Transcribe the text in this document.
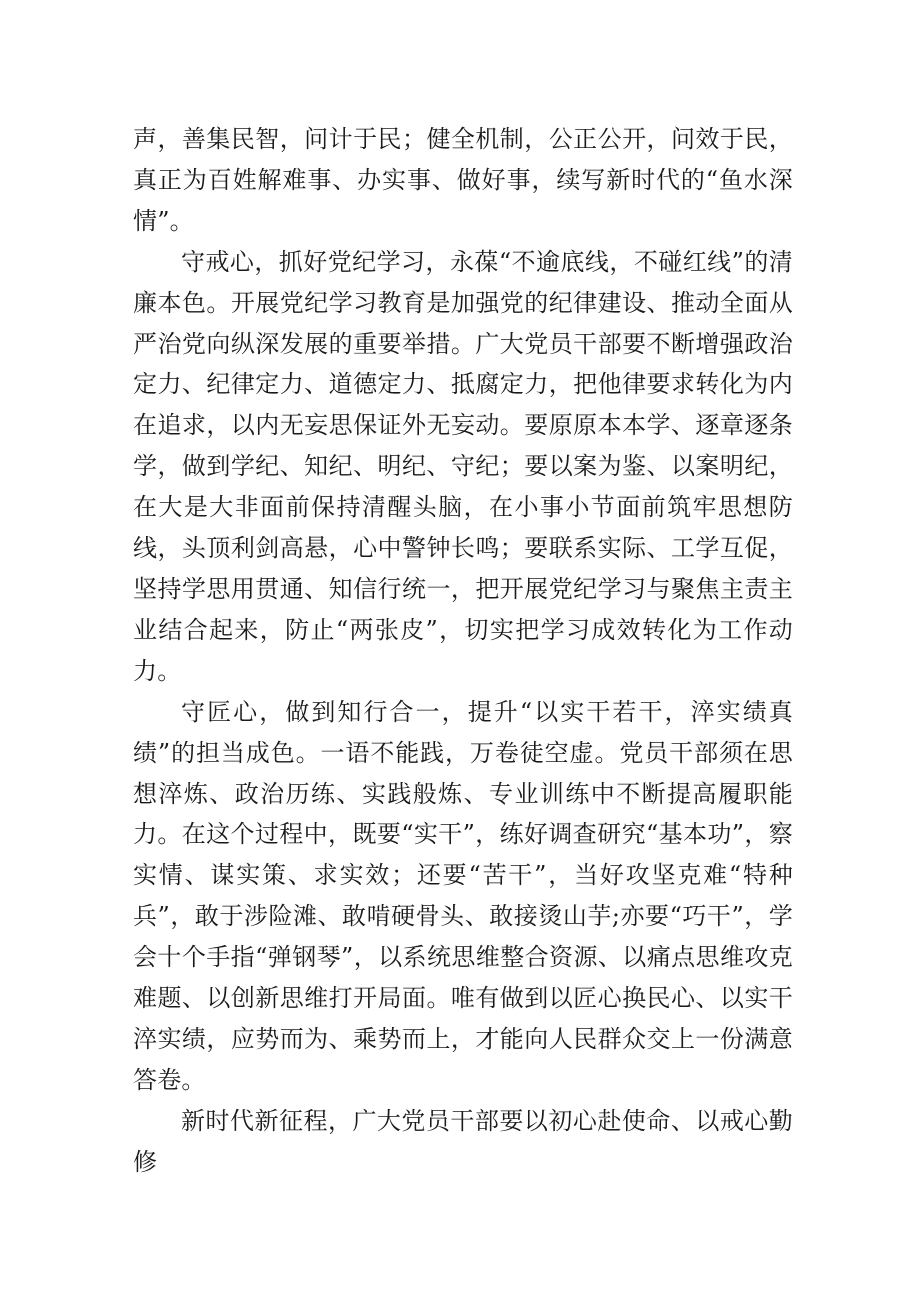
声，善集民智，问计于民；健全机制，公正公开，问效于民，真正为百姓解难事、办实事、做好事，续写新时代的“鱼水深情”。

守戒心，抓好党纪学习，永葆“不逾底线，不碰红线”的清廉本色。开展党纪学习教育是加强党的纪律建设、推动全面从严治党向纵深发展的重要举措。广大党员干部要不断增强政治定力、纪律定力、道德定力、抵腐定力，把他律要求转化为内在追求，以内无妄思保证外无妄动。要原原本本学、逐章逐条学，做到学纪、知纪、明纪、守纪；要以案为鉴、以案明纪，在大是大非面前保持清醒头脑，在小事小节面前筑牢思想防线，头顶利剑高悬，心中警钟长鸣；要联系实际、工学互促，坚持学思用贯通、知信行统一，把开展党纪学习与聚焦主责主业结合起来，防止“两张皮”，切实把学习成效转化为工作动力。

守匠心，做到知行合一，提升“以实干若干，淬实绩真绩”的担当成色。一语不能践，万卷徒空虚。党员干部须在思想淬炼、政治历练、实践般炼、专业训练中不断提高履职能力。在这个过程中，既要“实干”，练好调查研究“基本功”，察实情、谋实策、求实效；还要“苦干”，当好攻坚克难“特种兵”，敢于涉险滩、敢啃硬骨头、敢接烫山芋;亦要“巧干”，学会十个手指“弹钢琴”，以系统思维整合资源、以痛点思维攻克难题、以创新思维打开局面。唯有做到以匠心换民心、以实干淬实绩，应势而为、乘势而上，才能向人民群众交上一份满意答卷。

新时代新征程，广大党员干部要以初心赴使命、以戒心勤修
